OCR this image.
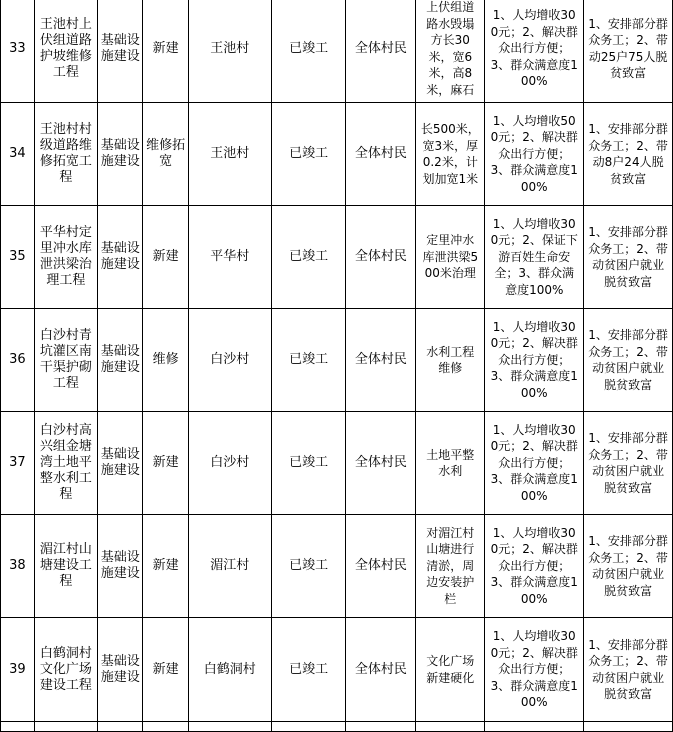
33	王池村上伏组道路护坡维修工程	基础设施建设	新建	王池村	已竣工	全体村民	上伏组道路水毁塌方长30米，宽6米，高8米，麻石	1、人均增收300元；2、解决群众出行方便；3、群众满意度100%	1、安排部分群众务工；2、带动25户75人脱贫致富
34	王池村村级道路维修拓宽工程	基础设施建设	维修拓宽	王池村	已竣工	全体村民	长500米，宽3米，厚0.2米，计划加宽1米	1、人均增收500元；2、解决群众出行方便；3、群众满意度100%	1、安排部分群众务工；2、带动8户24人脱贫致富
35	平华村定里冲水库泄洪梁治理工程	基础设施建设	新建	平华村	已竣工	全体村民	定里冲水库泄洪梁500米治理	1、人均增收300元；2、保证下游百姓生命安全；3、群众满意度100%	1、安排部分群众务工；2、带动贫困户就业脱贫致富
36	白沙村青坑灌区南干渠护砌工程	基础设施建设	维修	白沙村	已竣工	全体村民	水利工程维修	1、人均增收300元；2、解决群众出行方便；3、群众满意度100%	1、安排部分群众务工；2、带动贫困户就业脱贫致富
37	白沙村高兴组金塘湾土地平整水利工程	基础设施建设	新建	白沙村	已竣工	全体村民	土地平整水利	1、人均增收300元；2、解决群众出行方便；3、群众满意度100%	1、安排部分群众务工；2、带动贫困户就业脱贫致富
38	湄江村山塘建设工程	基础设施建设	新建	湄江村	已竣工	全体村民	对湄江村山塘进行清淤，周边安装护栏	1、人均增收300元；2、解决群众出行方便；3、群众满意度100%	1、安排部分群众务工；2、带动贫困户就业脱贫致富
39	白鹤洞村文化广场建设工程	基础设施建设	新建	白鹤洞村	已竣工	全体村民	文化广场新建硬化	1、人均增收300元；2、解决群众出行方便；3、群众满意度100%	1、安排部分群众务工；2、带动贫困户就业脱贫致富
